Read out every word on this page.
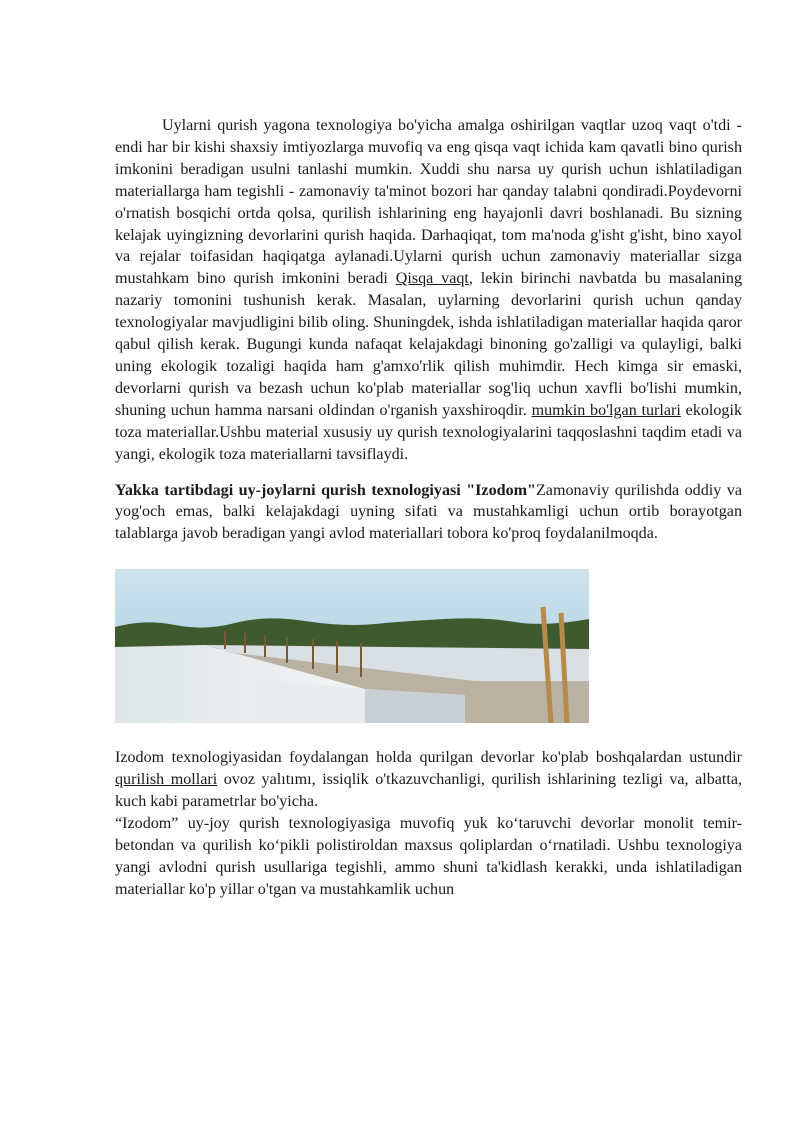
Uylarni qurish yagona texnologiya bo'yicha amalga oshirilgan vaqtlar uzoq vaqt o'tdi - endi har bir kishi shaxsiy imtiyozlarga muvofiq va eng qisqa vaqt ichida kam qavatli bino qurish imkonini beradigan usulni tanlashi mumkin. Xuddi shu narsa uy qurish uchun ishlatiladigan materiallarga ham tegishli - zamonaviy ta'minot bozori har qanday talabni qondiradi.Poydevorni o'rnatish bosqichi ortda qolsa, qurilish ishlarining eng hayajonli davri boshlanadi. Bu sizning kelajak uyingizning devorlarini qurish haqida. Darhaqiqat, tom ma'noda g'isht g'isht, bino xayol va rejalar toifasidan haqiqatga aylanadi.Uylarni qurish uchun zamonaviy materiallar sizga mustahkam bino qurish imkonini beradi Qisqa vaqt, lekin birinchi navbatda bu masalaning nazariy tomonini tushunish kerak. Masalan, uylarning devorlarini qurish uchun qanday texnologiyalar mavjudligini bilib oling. Shuningdek, ishda ishlatiladigan materiallar haqida qaror qabul qilish kerak. Bugungi kunda nafaqat kelajakdagi binoning go'zalligi va qulayligi, balki uning ekologik tozaligi haqida ham g'amxo'rlik qilish muhimdir. Hech kimga sir emaski, devorlarni qurish va bezash uchun ko'plab materiallar sog'liq uchun xavfli bo'lishi mumkin, shuning uchun hamma narsani oldindan o'rganish yaxshiroqdir. mumkin bo'lgan turlari ekologik toza materiallar.Ushbu material xususiy uy qurish texnologiyalarini taqqoslashni taqdim etadi va yangi, ekologik toza materiallarni tavsiflaydi.

Yakka tartibdagi uy-joylarni qurish texnologiyasi "Izodom"Zamonaviy qurilishda oddiy va yog'och emas, balki kelajakdagi uyning sifati va mustahkamligi uchun ortib borayotgan talablarga javob beradigan yangi avlod materiallari tobora ko'proq foydalanilmoqda.

Izodom texnologiyasidan foydalangan holda qurilgan devorlar ko'plab boshqalardan ustundir qurilish mollari ovoz yalıtımı, issiqlik o'tkazuvchanligi, qurilish ishlarining tezligi va, albatta, kuch kabi parametrlar bo'yicha.

“Izodom” uy-joy qurish texnologiyasiga muvofiq yuk koʻtaruvchi devorlar monolit temir-betondan va qurilish koʻpikli polistiroldan maxsus qoliplardan oʻrnatiladi. Ushbu texnologiya yangi avlodni qurish usullariga tegishli, ammo shuni ta'kidlash kerakki, unda ishlatiladigan materiallar ko'p yillar o'tgan va mustahkamlik uchun
